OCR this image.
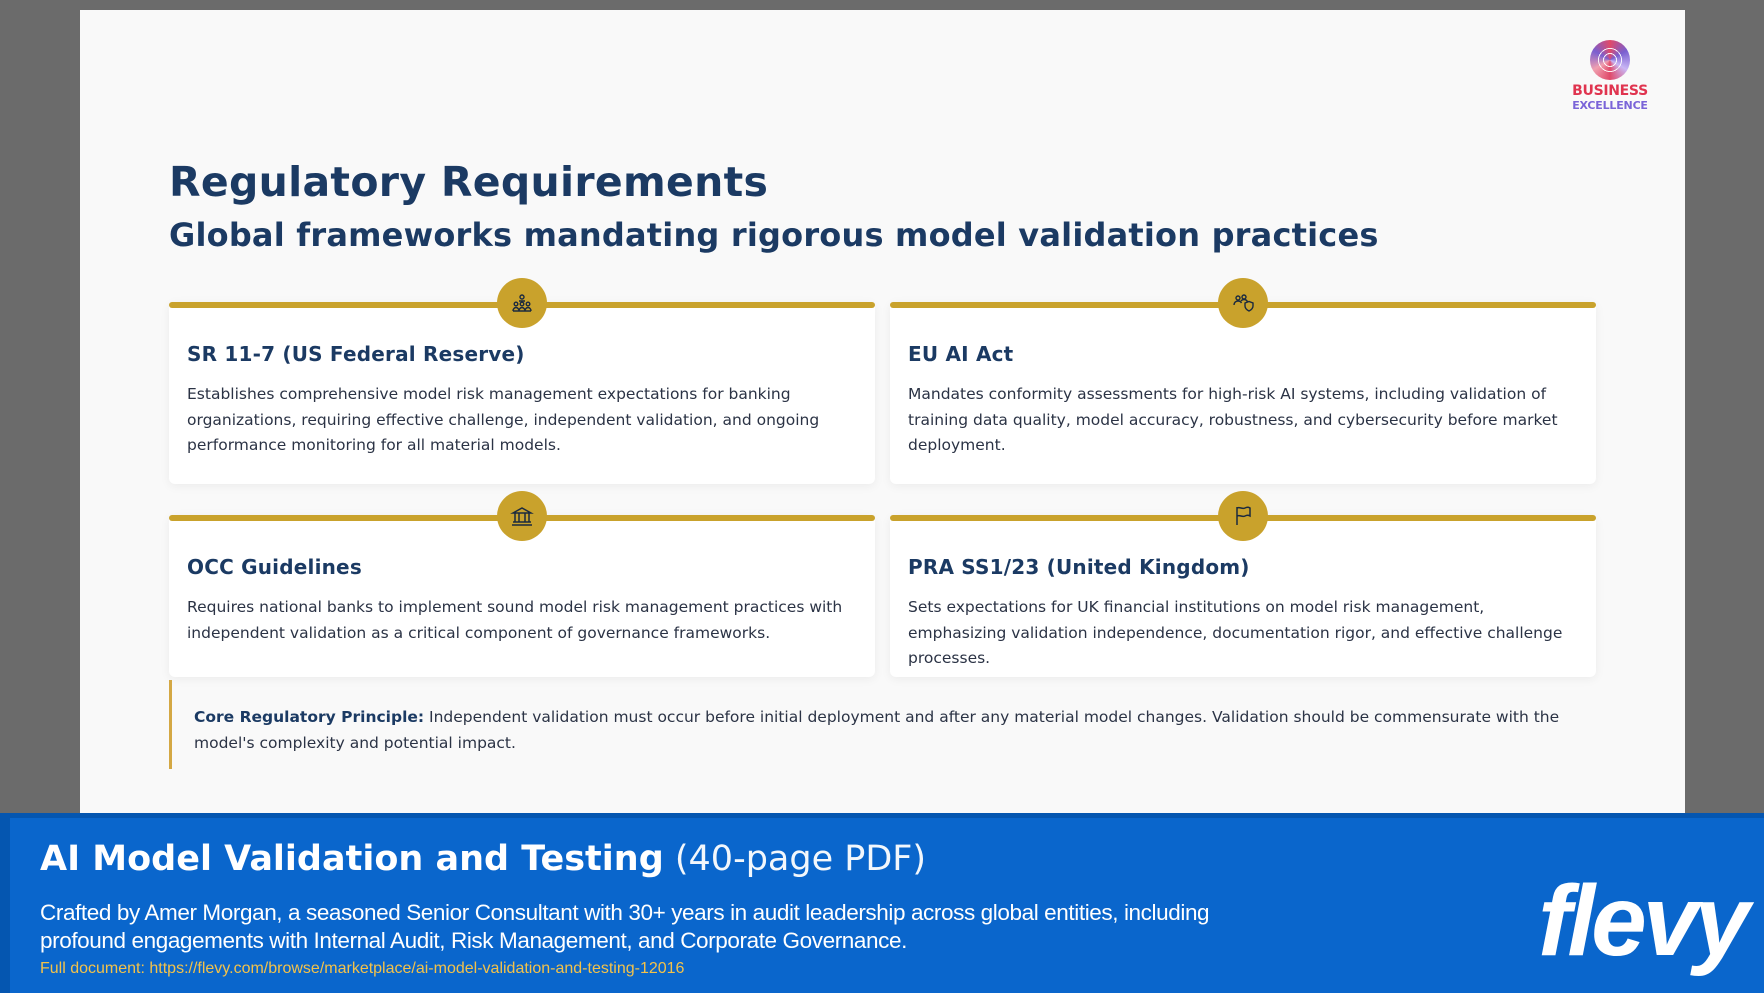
BUSINESS
EXCELLENCE
Regulatory Requirements
Global frameworks mandating rigorous model validation practices
SR 11-7 (US Federal Reserve)

Establishes comprehensive model risk management expectations for banking organizations, requiring effective challenge, independent validation, and ongoing performance monitoring for all material models.

EU AI Act

Mandates conformity assessments for high-risk AI systems, including validation of training data quality, model accuracy, robustness, and cybersecurity before market deployment.

OCC Guidelines

Requires national banks to implement sound model risk management practices with independent validation as a critical component of governance frameworks.

PRA SS1/23 (United Kingdom)

Sets expectations for UK financial institutions on model risk management, emphasizing validation independence, documentation rigor, and effective challenge processes.

Core Regulatory Principle: Independent validation must occur before initial deployment and after any material model changes. Validation should be commensurate with the model's complexity and potential impact.
AI Model Validation and Testing (40-page PDF)
Crafted by Amer Morgan, a seasoned Senior Consultant with 30+ years in audit leadership across global entities, including profound engagements with Internal Audit, Risk Management, and Corporate Governance.
Full document: https://flevy.com/browse/marketplace/ai-model-validation-and-testing-12016	flevy
